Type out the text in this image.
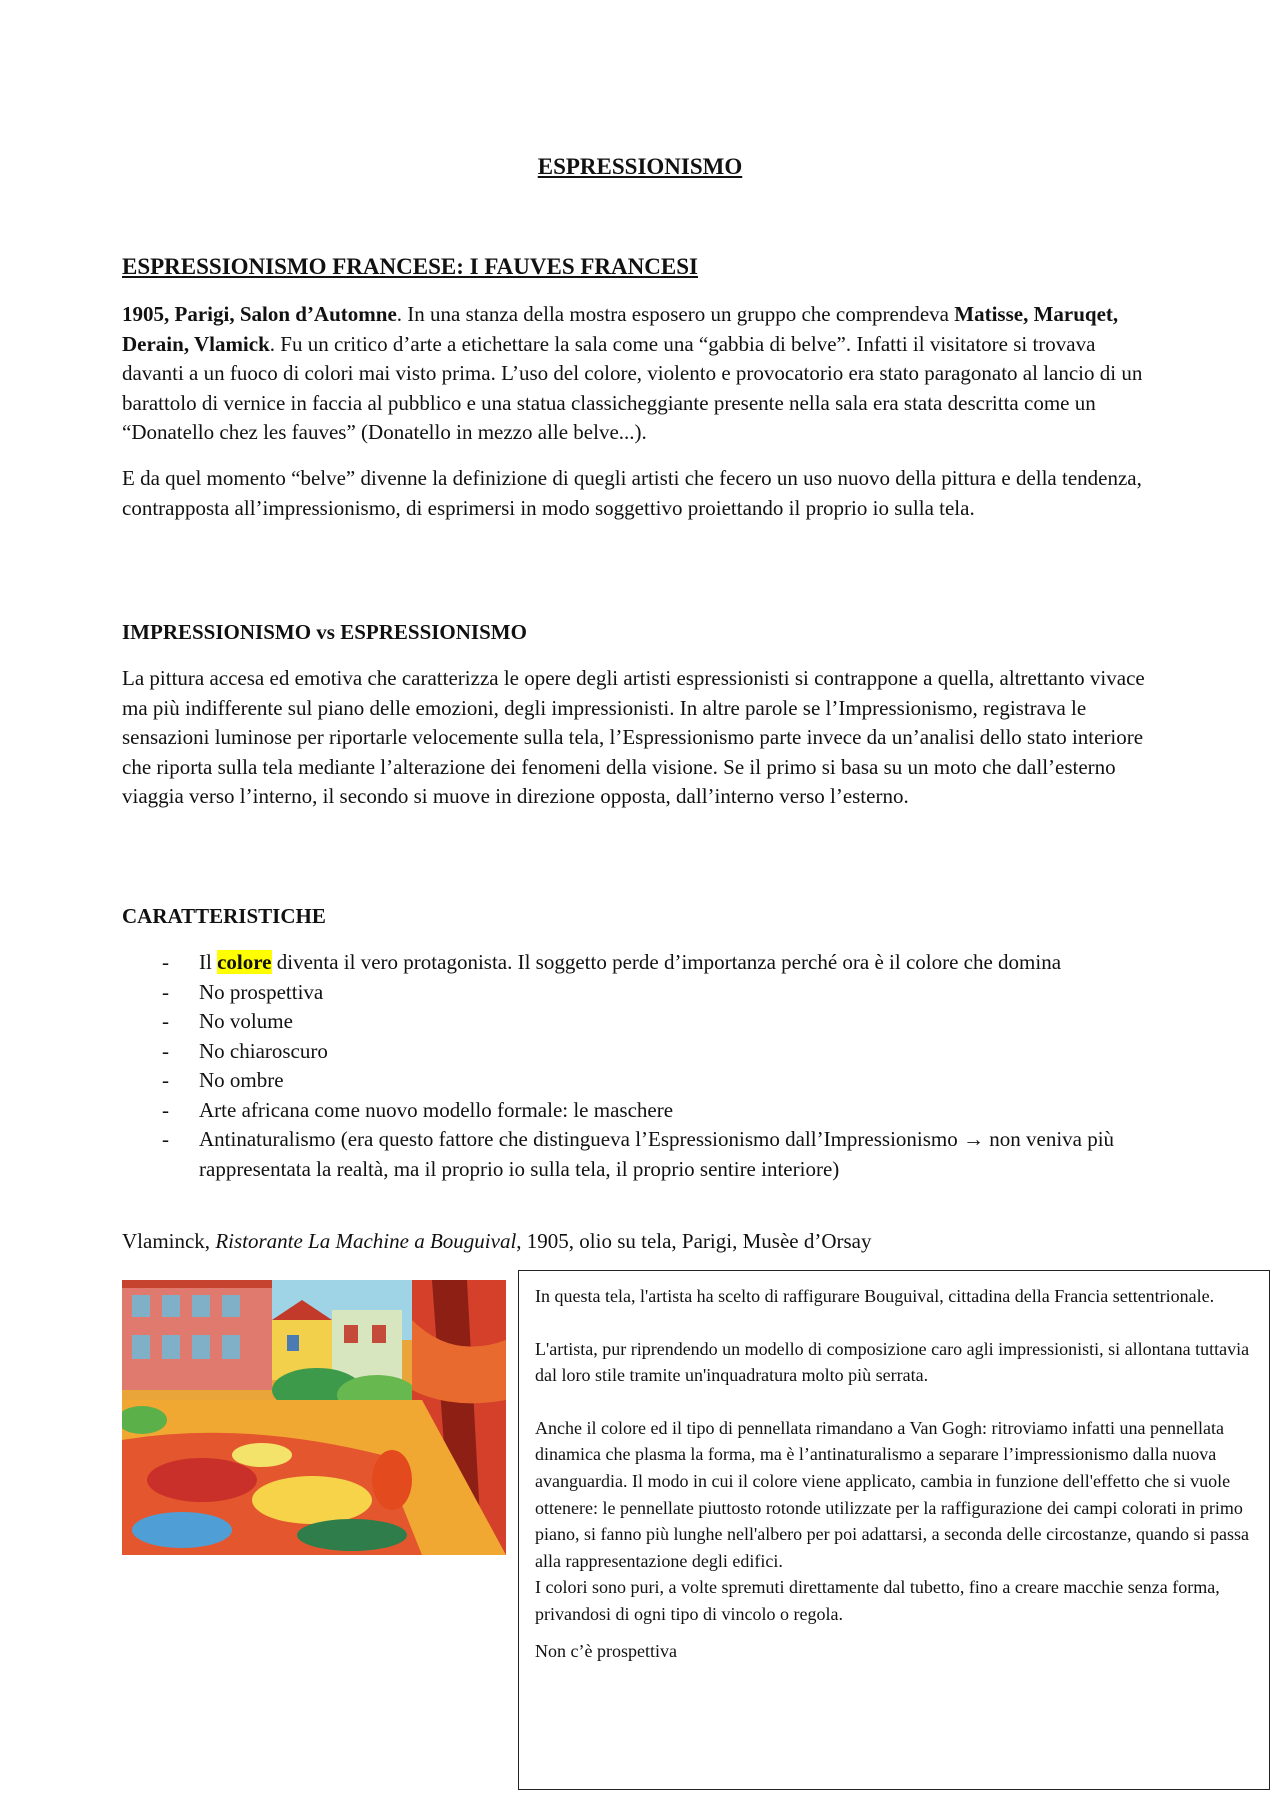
ESPRESSIONISMO
ESPRESSIONISMO FRANCESE: I FAUVES FRANCESI

1905, Parigi, Salon d’Automne. In una stanza della mostra esposero un gruppo che comprendeva Matisse, Maruqet, Derain, Vlamick. Fu un critico d’arte a etichettare la sala come una “gabbia di belve”. Infatti il visitatore si trovava davanti a un fuoco di colori mai visto prima. L’uso del colore, violento e provocatorio era stato paragonato al lancio di un barattolo di vernice in faccia al pubblico e una statua classicheggiante presente nella sala era stata descritta come un “Donatello chez les fauves” (Donatello in mezzo alle belve...).

E da quel momento “belve” divenne la definizione di quegli artisti che fecero un uso nuovo della pittura e della tendenza, contrapposta all’impressionismo, di esprimersi in modo soggettivo proiettando il proprio io sulla tela.

IMPRESSIONISMO vs ESPRESSIONISMO

La pittura accesa ed emotiva che caratterizza le opere degli artisti espressionisti si contrappone a quella, altrettanto vivace ma più indifferente sul piano delle emozioni, degli impressionisti. In altre parole se l’Impressionismo, registrava le sensazioni luminose per riportarle velocemente sulla tela, l’Espressionismo parte invece da un’analisi dello stato interiore che riporta sulla tela mediante l’alterazione dei fenomeni della visione. Se il primo si basa su un moto che dall’esterno viaggia verso l’interno, il secondo si muove in direzione opposta, dall’interno verso l’esterno.

CARATTERISTICHE
- Il colore diventa il vero protagonista. Il soggetto perde d’importanza perché ora è il colore che domina
- No prospettiva
- No volume
- No chiaroscuro
- No ombre
- Arte africana come nuovo modello formale: le maschere
- Antinaturalismo (era questo fattore che distingueva l’Espressionismo dall’Impressionismo → non veniva più rappresentata la realtà, ma il proprio io sulla tela, il proprio sentire interiore)
Vlaminck, Ristorante La Machine a Bouguival, 1905, olio su tela, Parigi, Musèe d’Orsay

In questa tela, l'artista ha scelto di raffigurare Bouguival, cittadina della Francia settentrionale.

L'artista, pur riprendendo un modello di composizione caro agli impressionisti, si allontana tuttavia dal loro stile tramite un'inquadratura molto più serrata.

Anche il colore ed il tipo di pennellata rimandano a Van Gogh: ritroviamo infatti una pennellata dinamica che plasma la forma, ma è l’antinaturalismo a separare l’impressionismo dalla nuova avanguardia. Il modo in cui il colore viene applicato, cambia in funzione dell'effetto che si vuole ottenere: le pennellate piuttosto rotonde utilizzate per la raffigurazione dei campi colorati in primo piano, si fanno più lunghe nell'albero per poi adattarsi, a seconda delle circostanze, quando si passa alla rappresentazione degli edifici.

I colori sono puri, a volte spremuti direttamente dal tubetto, fino a creare macchie senza forma, privandosi di ogni tipo di vincolo o regola.

Non c’è prospettiva
